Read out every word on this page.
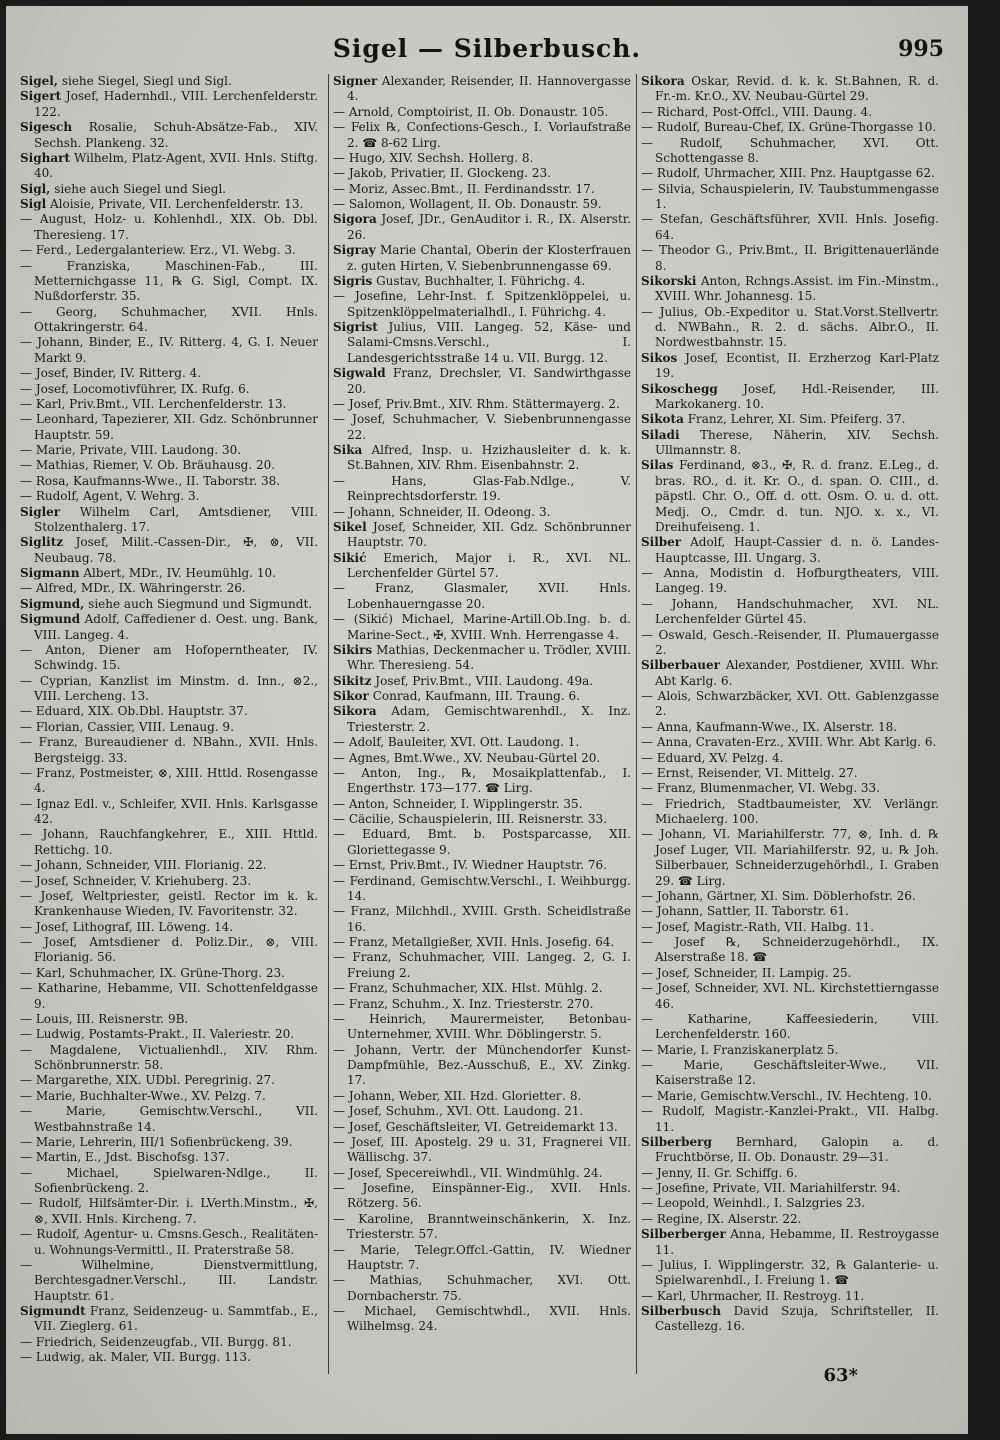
Sigel — Silberbusch.	995
Sigel, siehe Siegel, Siegl und Sigl.
Sigert Josef, Hadernhdl., VIII. Lerchenfelderstr. 122.
Sigesch Rosalie, Schuh-Absätze-Fab., XIV. Sechsh. Plankeng. 32.
Sighart Wilhelm, Platz-Agent, XVII. Hnls. Stiftg. 40.
Sigl, siehe auch Siegel und Siegl.
Sigl Aloisie, Private, VII. Lerchenfelderstr. 13.
— August, Holz- u. Kohlenhdl., XIX. Ob. Dbl. Theresieng. 17.
— Ferd., Ledergalanteriew. Erz., VI. Webg. 3.
— Franziska, Maschinen-Fab., III. Metternichgasse 11, ℞ G. Sigl, Compt. IX. Nußdorferstr. 35.
— Georg, Schuhmacher, XVII. Hnls. Ottakringerstr. 64.
— Johann, Binder, E., IV. Ritterg. 4, G. I. Neuer Markt 9.
— Josef, Binder, IV. Ritterg. 4.
— Josef, Locomotivführer, IX. Rufg. 6.
— Karl, Priv.Bmt., VII. Lerchenfelderstr. 13.
— Leonhard, Tapezierer, XII. Gdz. Schönbrunner Hauptstr. 59.
— Marie, Private, VIII. Laudong. 30.
— Mathias, Riemer, V. Ob. Bräuhausg. 20.
— Rosa, Kaufmanns-Wwe., II. Taborstr. 38.
— Rudolf, Agent, V. Wehrg. 3.
Sigler Wilhelm Carl, Amtsdiener, VIII. Stolzenthalerg. 17.
Siglitz Josef, Milit.-Cassen-Dir., ✠, ⊗, VII. Neubaug. 78.
Sigmann Albert, MDr., IV. Heumühlg. 10.
— Alfred, MDr., IX. Währingerstr. 26.
Sigmund, siehe auch Siegmund und Sigmundt.
Sigmund Adolf, Caffediener d. Oest. ung. Bank, VIII. Langeg. 4.
— Anton, Diener am Hofoperntheater, IV. Schwindg. 15.
— Cyprian, Kanzlist im Minstm. d. Inn., ⊗2., VIII. Lercheng. 13.
— Eduard, XIX. Ob.Dbl. Hauptstr. 37.
— Florian, Cassier, VIII. Lenaug. 9.
— Franz, Bureaudiener d. NBahn., XVII. Hnls. Bergsteigg. 33.
— Franz, Postmeister, ⊗, XIII. Httld. Rosengasse 4.
— Ignaz Edl. v., Schleifer, XVII. Hnls. Karlsgasse 42.
— Johann, Rauchfangkehrer, E., XIII. Httld. Rettichg. 10.
— Johann, Schneider, VIII. Florianig. 22.
— Josef, Schneider, V. Kriehuberg. 23.
— Josef, Weltpriester, geistl. Rector im k. k. Krankenhause Wieden, IV. Favoritenstr. 32.
— Josef, Lithograf, III. Löweng. 14.
— Josef, Amtsdiener d. Poliz.Dir., ⊗, VIII. Florianig. 56.
— Karl, Schuhmacher, IX. Grüne-Thorg. 23.
— Katharine, Hebamme, VII. Schottenfeldgasse 9.
— Louis, III. Reisnerstr. 9B.
— Ludwig, Postamts-Prakt., II. Valeriestr. 20.
— Magdalene, Victualienhdl., XIV. Rhm. Schönbrunnerstr. 58.
— Margarethe, XIX. UDbl. Peregrinig. 27.
— Marie, Buchhalter-Wwe., XV. Pelzg. 7.
— Marie, Gemischtw.Verschl., VII. Westbahnstraße 14.
— Marie, Lehrerin, III/1 Sofienbrückeng. 39.
— Martin, E., Jdst. Bischofsg. 137.
— Michael, Spielwaren-Ndlge., II. Sofienbrückeng. 2.
— Rudolf, Hilfsämter-Dir. i. LVerth.Minstm., ✠, ⊗, XVII. Hnls. Kircheng. 7.
— Rudolf, Agentur- u. Cmsns.Gesch., Realitäten- u. Wohnungs-Vermittl., II. Praterstraße 58.
— Wilhelmine, Dienstvermittlung, Berchtesgadner.Verschl., III. Landstr. Hauptstr. 61.
Sigmundt Franz, Seidenzeug- u. Sammtfab., E., VII. Zieglerg. 61.
— Friedrich, Seidenzeugfab., VII. Burgg. 81.
— Ludwig, ak. Maler, VII. Burgg. 113.
Signer Alexander, Reisender, II. Hannovergasse 4.
— Arnold, Comptoirist, II. Ob. Donaustr. 105.
— Felix ℞, Confections-Gesch., I. Vorlaufstraße 2. ☎ 8-62 Lirg.
— Hugo, XIV. Sechsh. Hollerg. 8.
— Jakob, Privatier, II. Glockeng. 23.
— Moriz, Assec.Bmt., II. Ferdinandsstr. 17.
— Salomon, Wollagent, II. Ob. Donaustr. 59.
Sigora Josef, JDr., GenAuditor i. R., IX. Alserstr. 26.
Sigray Marie Chantal, Oberin der Klosterfrauen z. guten Hirten, V. Siebenbrunnengasse 69.
Sigris Gustav, Buchhalter, I. Führichg. 4.
— Josefine, Lehr-Inst. f. Spitzenklöppelei, u. Spitzenklöppelmaterialhdl., I. Führichg. 4.
Sigrist Julius, VIII. Langeg. 52, Käse- und Salami-Cmsns.Verschl., I. Landesgerichtsstraße 14 u. VII. Burgg. 12.
Sigwald Franz, Drechsler, VI. Sandwirthgasse 20.
— Josef, Priv.Bmt., XIV. Rhm. Stättermayerg. 2.
— Josef, Schuhmacher, V. Siebenbrunnengasse 22.
Sika Alfred, Insp. u. Hzizhausleiter d. k. k. St.Bahnen, XIV. Rhm. Eisenbahnstr. 2.
— Hans, Glas-Fab.Ndlge., V. Reinprechtsdorferstr. 19.
— Johann, Schneider, II. Odeong. 3.
Sikel Josef, Schneider, XII. Gdz. Schönbrunner Hauptstr. 70.
Sikić Emerich, Major i. R., XVI. NL. Lerchenfelder Gürtel 57.
— Franz, Glasmaler, XVII. Hnls. Lobenhauerngasse 20.
— (Sikić) Michael, Marine-Artill.Ob.Ing. b. d. Marine-Sect., ✠, XVIII. Wnh. Herrengasse 4.
Sikirs Mathias, Deckenmacher u. Trödler, XVIII. Whr. Theresieng. 54.
Sikitz Josef, Priv.Bmt., VIII. Laudong. 49a.
Sikor Conrad, Kaufmann, III. Traung. 6.
Sikora Adam, Gemischtwarenhdl., X. Inz. Triesterstr. 2.
— Adolf, Bauleiter, XVI. Ott. Laudong. 1.
— Agnes, Bmt.Wwe., XV. Neubau-Gürtel 20.
— Anton, Ing., ℞, Mosaikplattenfab., I. Engerthstr. 173—177. ☎ Lirg.
— Anton, Schneider, I. Wipplingerstr. 35.
— Cäcilie, Schauspielerin, III. Reisnerstr. 33.
— Eduard, Bmt. b. Postsparcasse, XII. Gloriettegasse 9.
— Ernst, Priv.Bmt., IV. Wiedner Hauptstr. 76.
— Ferdinand, Gemischtw.Verschl., I. Weihburgg. 14.
— Franz, Milchhdl., XVIII. Grsth. Scheidlstraße 16.
— Franz, Metallgießer, XVII. Hnls. Josefig. 64.
— Franz, Schuhmacher, VIII. Langeg. 2, G. I. Freiung 2.
— Franz, Schuhmacher, XIX. Hlst. Mühlg. 2.
— Franz, Schuhm., X. Inz. Triesterstr. 270.
— Heinrich, Maurermeister, Betonbau-Unternehmer, XVIII. Whr. Döblingerstr. 5.
— Johann, Vertr. der Münchendorfer Kunst-Dampfmühle, Bez.-Ausschuß, E., XV. Zinkg. 17.
— Johann, Weber, XII. Hzd. Gloriettег. 8.
— Josef, Schuhm., XVI. Ott. Laudong. 21.
— Josef, Geschäftsleiter, VI. Getreidemarkt 13.
— Josef, III. Apostelg. 29 u. 31, Fragnerei VII. Wällischg. 37.
— Josef, Specereiwhdl., VII. Windmühlg. 24.
— Josefine, Einspänner-Eig., XVII. Hnls. Rötzerg. 56.
— Karoline, Branntweinschänkerin, X. Inz. Triesterstr. 57.
— Marie, Telegr.Offcl.-Gattin, IV. Wiedner Hauptstr. 7.
— Mathias, Schuhmacher, XVI. Ott. Dornbacherstr. 75.
— Michael, Gemischtwhdl., XVII. Hnls. Wilhelmsg. 24.
Sikora Oskar, Revid. d. k. k. St.Bahnen, R. d. Fr.-m. Kr.O., XV. Neubau-Gürtel 29.
— Richard, Post-Offcl., VIII. Daung. 4.
— Rudolf, Bureau-Chef, IX. Grüne-Thorgasse 10.
— Rudolf, Schuhmacher, XVI. Ott. Schottengasse 8.
— Rudolf, Uhrmacher, XIII. Pnz. Hauptgasse 62.
— Silvia, Schauspielerin, IV. Taubstummengasse 1.
— Stefan, Geschäftsführer, XVII. Hnls. Josefig. 64.
— Theodor G., Priv.Bmt., II. Brigittenauerlände 8.
Sikorski Anton, Rchngs.Assist. im Fin.-Minstm., XVIII. Whr. Johannesg. 15.
— Julius, Ob.-Expeditor u. Stat.Vorst.Stellvertr. d. NWBahn., R. 2. d. sächs. Albr.O., II. Nordwestbahnstr. 15.
Sikos Josef, Econtist, II. Erzherzog Karl-Platz 19.
Sikoschegg Josef, Hdl.-Reisender, III. Markokanerg. 10.
Sikota Franz, Lehrer, XI. Sim. Pfeiferg. 37.
Siladi Therese, Näherin, XIV. Sechsh. Ullmannstr. 8.
Silas Ferdinand, ⊗3., ✠, R. d. franz. E.Leg., d. bras. RO., d. it. Kr. O., d. span. O. CIII., d. päpstl. Chr. O., Off. d. ott. Osm. O. u. d. ott. Medj. O., Cmdr. d. tun. NJO. x. x., VI. Dreihufeiseng. 1.
Silber Adolf, Haupt-Cassier d. n. ö. Landes-Hauptcasse, III. Ungarg. 3.
— Anna, Modistin d. Hofburgtheaters, VIII. Langeg. 19.
— Johann, Handschuhmacher, XVI. NL. Lerchenfelder Gürtel 45.
— Oswald, Gesch.-Reisender, II. Plumauergasse 2.
Silberbauer Alexander, Postdiener, XVIII. Whr. Abt Karlg. 6.
— Alois, Schwarzbäcker, XVI. Ott. Gablenzgasse 2.
— Anna, Kaufmann-Wwe., IX. Alserstr. 18.
— Anna, Cravaten-Erz., XVIII. Whr. Abt Karlg. 6.
— Eduard, XV. Pelzg. 4.
— Ernst, Reisender, VI. Mittelg. 27.
— Franz, Blumenmacher, VI. Webg. 33.
— Friedrich, Stadtbaumeister, XV. Verlängr. Michaelerg. 100.
— Johann, VI. Mariahilferstr. 77, ⊗, Inh. d. ℞ Josef Luger, VII. Mariahilferstr. 92, u. ℞ Joh. Silberbauer, Schneiderzugehörhdl., I. Graben 29. ☎ Lirg.
— Johann, Gärtner, XI. Sim. Döblerhofstr. 26.
— Johann, Sattler, II. Taborstr. 61.
— Josef, Magistr.-Rath, VII. Halbg. 11.
— Josef ℞, Schneiderzugehörhdl., IX. Alserstraße 18. ☎
— Josef, Schneider, II. Lampig. 25.
— Josef, Schneider, XVI. NL. Kirchstettierngasse 46.
— Katharine, Kaffeesiederin, VIII. Lerchenfelderstr. 160.
— Marie, I. Franziskanerplatz 5.
— Marie, Geschäftsleiter-Wwe., VII. Kaiserstraße 12.
— Marie, Gemischtw.Verschl., IV. Hechteng. 10.
— Rudolf, Magistr.-Kanzlei-Prakt., VII. Halbg. 11.
Silberberg Bernhard, Galopin a. d. Fruchtbörse, II. Ob. Donaustr. 29—31.
— Jenny, II. Gr. Schiffg. 6.
— Josefine, Private, VII. Mariahilferstr. 94.
— Leopold, Weinhdl., I. Salzgries 23.
— Regine, IX. Alserstr. 22.
Silberberger Anna, Hebamme, II. Restroygasse 11.
— Julius, I. Wipplingerstr. 32, ℞ Galanterie- u. Spielwarenhdl., I. Freiung 1. ☎
— Karl, Uhrmacher, II. Restroyg. 11.
Silberbusch David Szuja, Schriftsteller, II. Castellezg. 16.
63*
